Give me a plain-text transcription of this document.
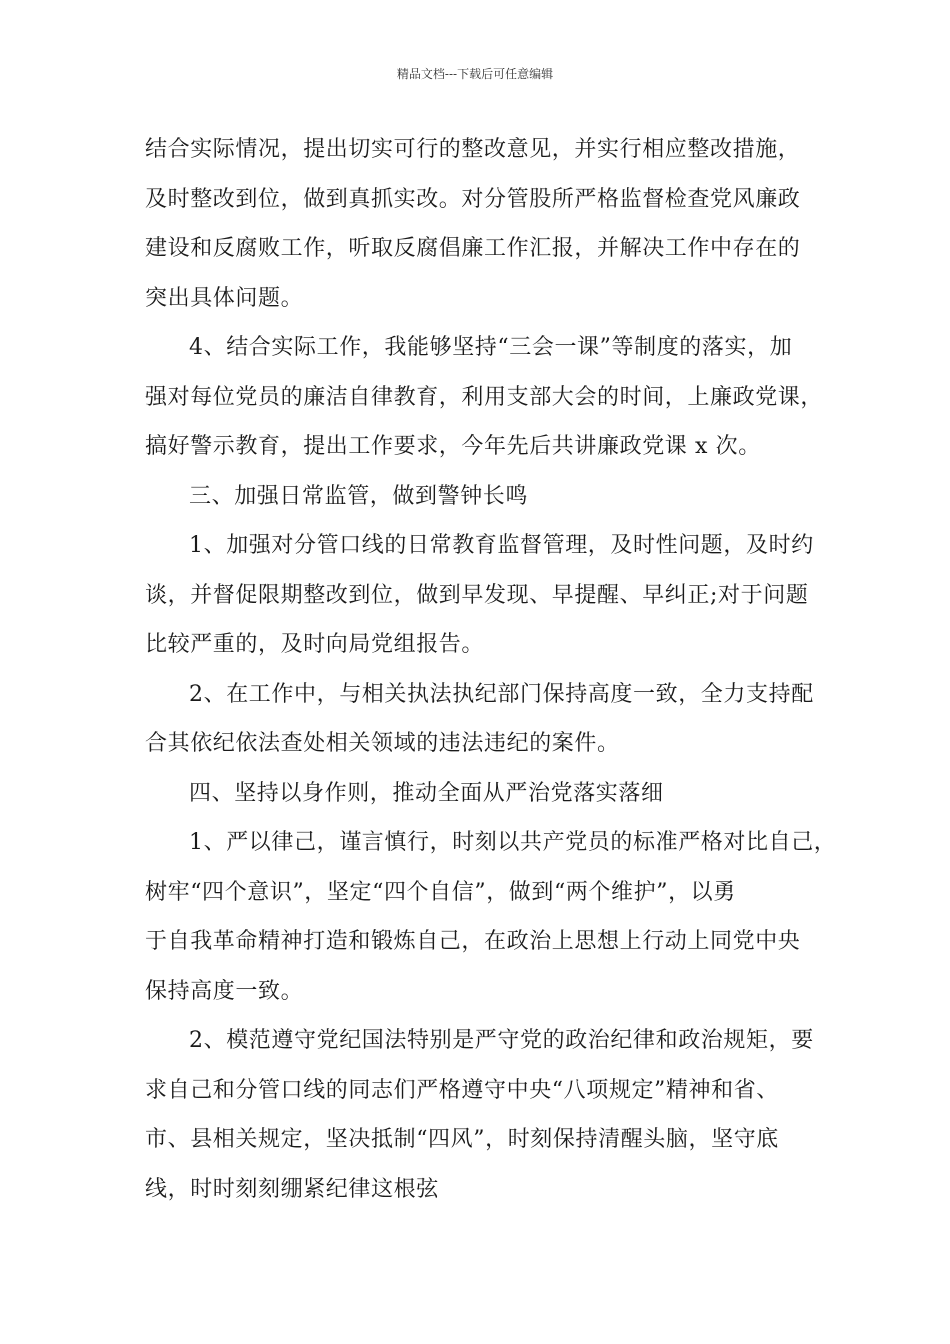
精品文档---下载后可任意编辑
结合实际情况，提出切实可行的整改意见，并实行相应整改措施，
及时整改到位，做到真抓实改。对分管股所严格监督检查党风廉政
建设和反腐败工作，听取反腐倡廉工作汇报，并解决工作中存在的
突出具体问题。
4、结合实际工作，我能够坚持“三会一课”等制度的落实，加
强对每位党员的廉洁自律教育，利用支部大会的时间，上廉政党课，
搞好警示教育，提出工作要求，今年先后共讲廉政党课 x 次。
三、加强日常监管，做到警钟长鸣
1、加强对分管口线的日常教育监督管理，及时性问题，及时约
谈，并督促限期整改到位，做到早发现、早提醒、早纠正;对于问题
比较严重的，及时向局党组报告。
2、在工作中，与相关执法执纪部门保持高度一致，全力支持配
合其依纪依法查处相关领域的违法违纪的案件。
四、坚持以身作则，推动全面从严治党落实落细
1、严以律己，谨言慎行，时刻以共产党员的标准严格对比自己，
树牢“四个意识”，坚定“四个自信”，做到“两个维护”，以勇
于自我革命精神打造和锻炼自己，在政治上思想上行动上同党中央
保持高度一致。
2、模范遵守党纪国法特别是严守党的政治纪律和政治规矩，要
求自己和分管口线的同志们严格遵守中央“八项规定”精神和省、
市、县相关规定，坚决抵制“四风”，时刻保持清醒头脑，坚守底
线，时时刻刻绷紧纪律这根弦
